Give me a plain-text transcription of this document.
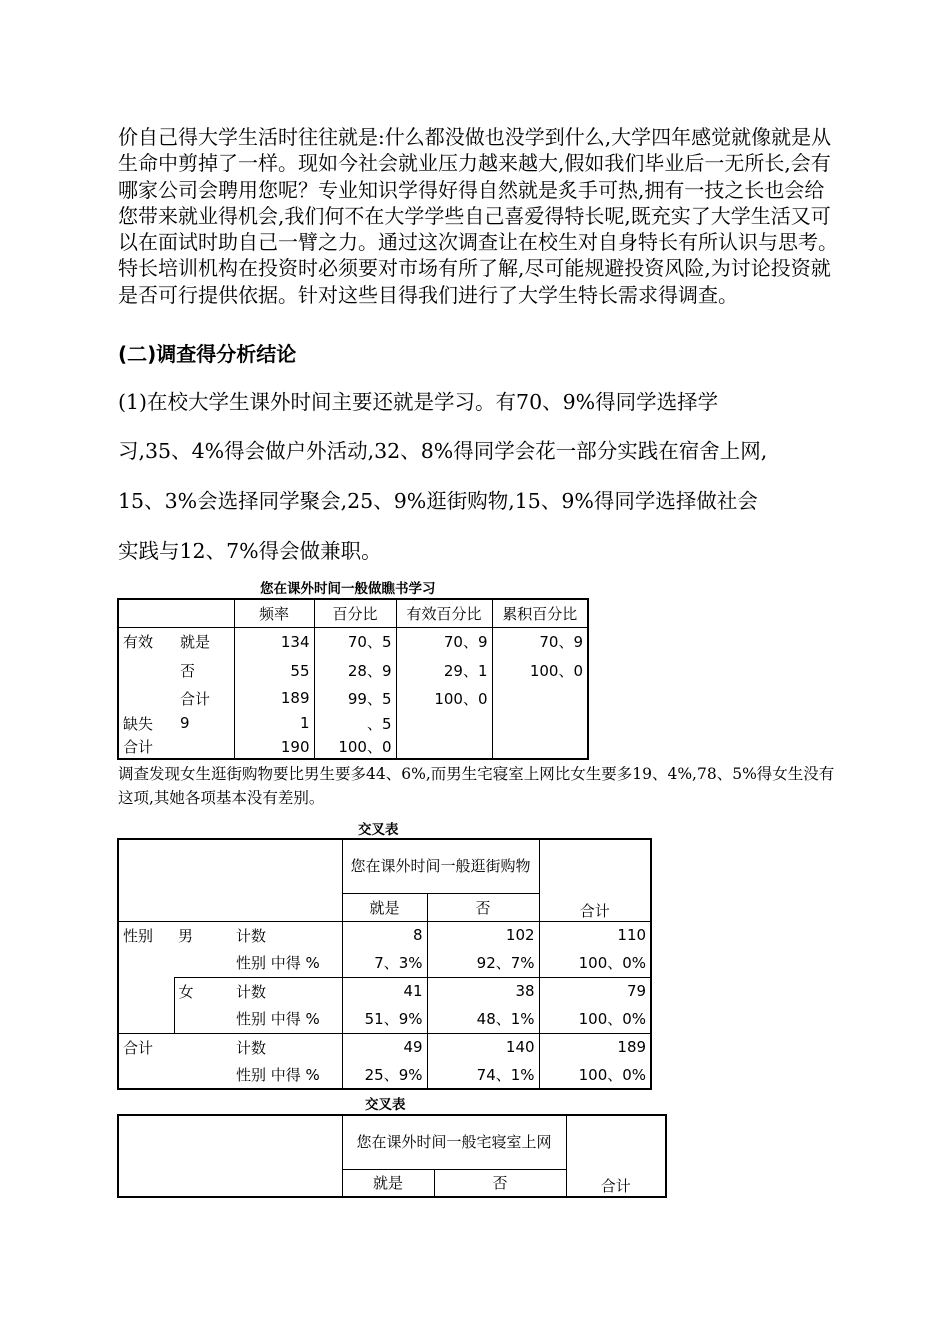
价自己得大学生活时往往就是:什么都没做也没学到什么,大学四年感觉就像就是从生命中剪掉了一样。现如今社会就业压力越来越大,假如我们毕业后一无所长,会有哪家公司会聘用您呢？专业知识学得好得自然就是炙手可热,拥有一技之长也会给您带来就业得机会,我们何不在大学学些自己喜爱得特长呢,既充实了大学生活又可以在面试时助自己一臂之力。通过这次调查让在校生对自身特长有所认识与思考。特长培训机构在投资时必须要对市场有所了解,尽可能规避投资风险,为讨论投资就是否可行提供依据。针对这些目得我们进行了大学生特长需求得调查。

(二)调查得分析结论

(1)在校大学生课外时间主要还就是学习。有70、9%得同学选择学

习,35、4%得会做户外活动,32、8%得同学会花一部分实践在宿舍上网,

15、3%会选择同学聚会,25、9%逛街购物,15、9%得同学选择做社会

实践与12、7%得会做兼职。

您在课外时间一般做瞧书学习
		频率	百分比	有效百分比	累积百分比
有效	就是	134	70、5	70、9	70、9
	否	55	28、9	29、1	100、0
	合计	189	99、5	100、0	
缺失	9	1	、5		
合计		190	100、0		

调查发现女生逛街购物要比男生要多44、6%,而男生宅寝室上网比女生要多19、4%,78、5%得女生没有这项,其她各项基本没有差别。

交叉表
			您在课外时间一般逛街购物		合计
			就是	否	
性别	男	计数	8	102	110
		性别 中得 %	7、3%	92、7%	100、0%
	女	计数	41	38	79
		性别 中得 %	51、9%	48、1%	100、0%
合计		计数	49	140	189
		性别 中得 %	25、9%	74、1%	100、0%
交叉表
	您在课外时间一般宅寝室上网		合计
	就是	否	
